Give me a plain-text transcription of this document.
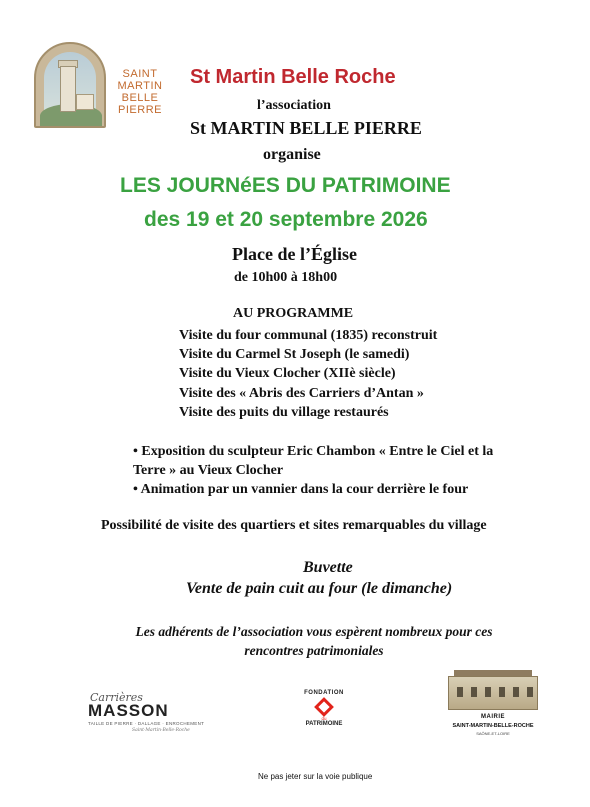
SAINT
MARTIN
BELLE
PIERRE
St Martin Belle Roche
l’association
St MARTIN BELLE PIERRE
organise
LES JOURNéES DU PATRIMOINE
des 19 et 20 septembre 2026
Place de l’Église
de 10h00 à 18h00
AU PROGRAMME
Visite du four communal (1835) reconstruit
Visite du Carmel St Joseph (le samedi)
Visite du Vieux Clocher (XIIè siècle)
Visite des « Abris des Carriers d’Antan »
Visite des puits du village restaurés
• Exposition du sculpteur Eric Chambon « Entre le Ciel et la
Terre » au Vieux Clocher
• Animation par un vannier dans la cour derrière le four
Possibilité de visite des quartiers et sites remarquables du village
Buvette
Vente de pain cuit au four (le dimanche)
Les adhérents de l’association vous espèrent nombreux pour ces
rencontres patrimoniales
Carrières
MASSON
TAILLE DE PIERRE · DALLAGE · ENROCHEMENT
Saint-Martin-Belle-Roche
FONDATION
du
PATRIMOINE
MAIRIE
SAINT-MARTIN-BELLE-ROCHE
SAÔNE-ET-LOIRE
Ne pas jeter sur la voie publique
